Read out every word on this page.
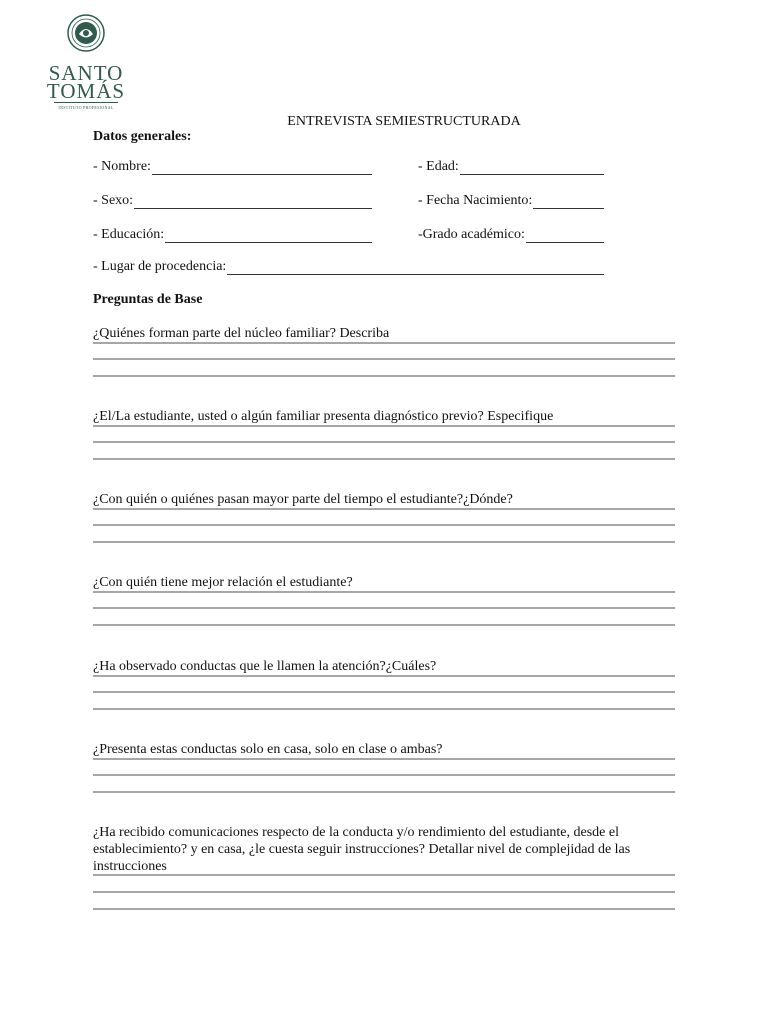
SANTO
TOMÁS
INSTITUTO PROFESIONAL
ENTREVISTA SEMIESTRUCTURADA
Datos generales:
- Nombre:	- Edad:
- Sexo:	- Fecha Nacimiento:
- Educación:	-Grado académico:
- Lugar de procedencia:
Preguntas de Base
¿Quiénes forman parte del núcleo familiar? Describa
¿El/La estudiante, usted o algún familiar presenta diagnóstico previo? Especifique
¿Con quién o quiénes pasan mayor parte del tiempo el estudiante?¿Dónde?
¿Con quién tiene mejor relación el estudiante?
¿Ha observado conductas que le llamen la atención?¿Cuáles?
¿Presenta estas conductas solo en casa, solo en clase o ambas?
¿Ha recibido comunicaciones respecto de la conducta y/o rendimiento del estudiante, desde el establecimiento? y en casa, ¿le cuesta seguir instrucciones? Detallar nivel de complejidad de las instrucciones
